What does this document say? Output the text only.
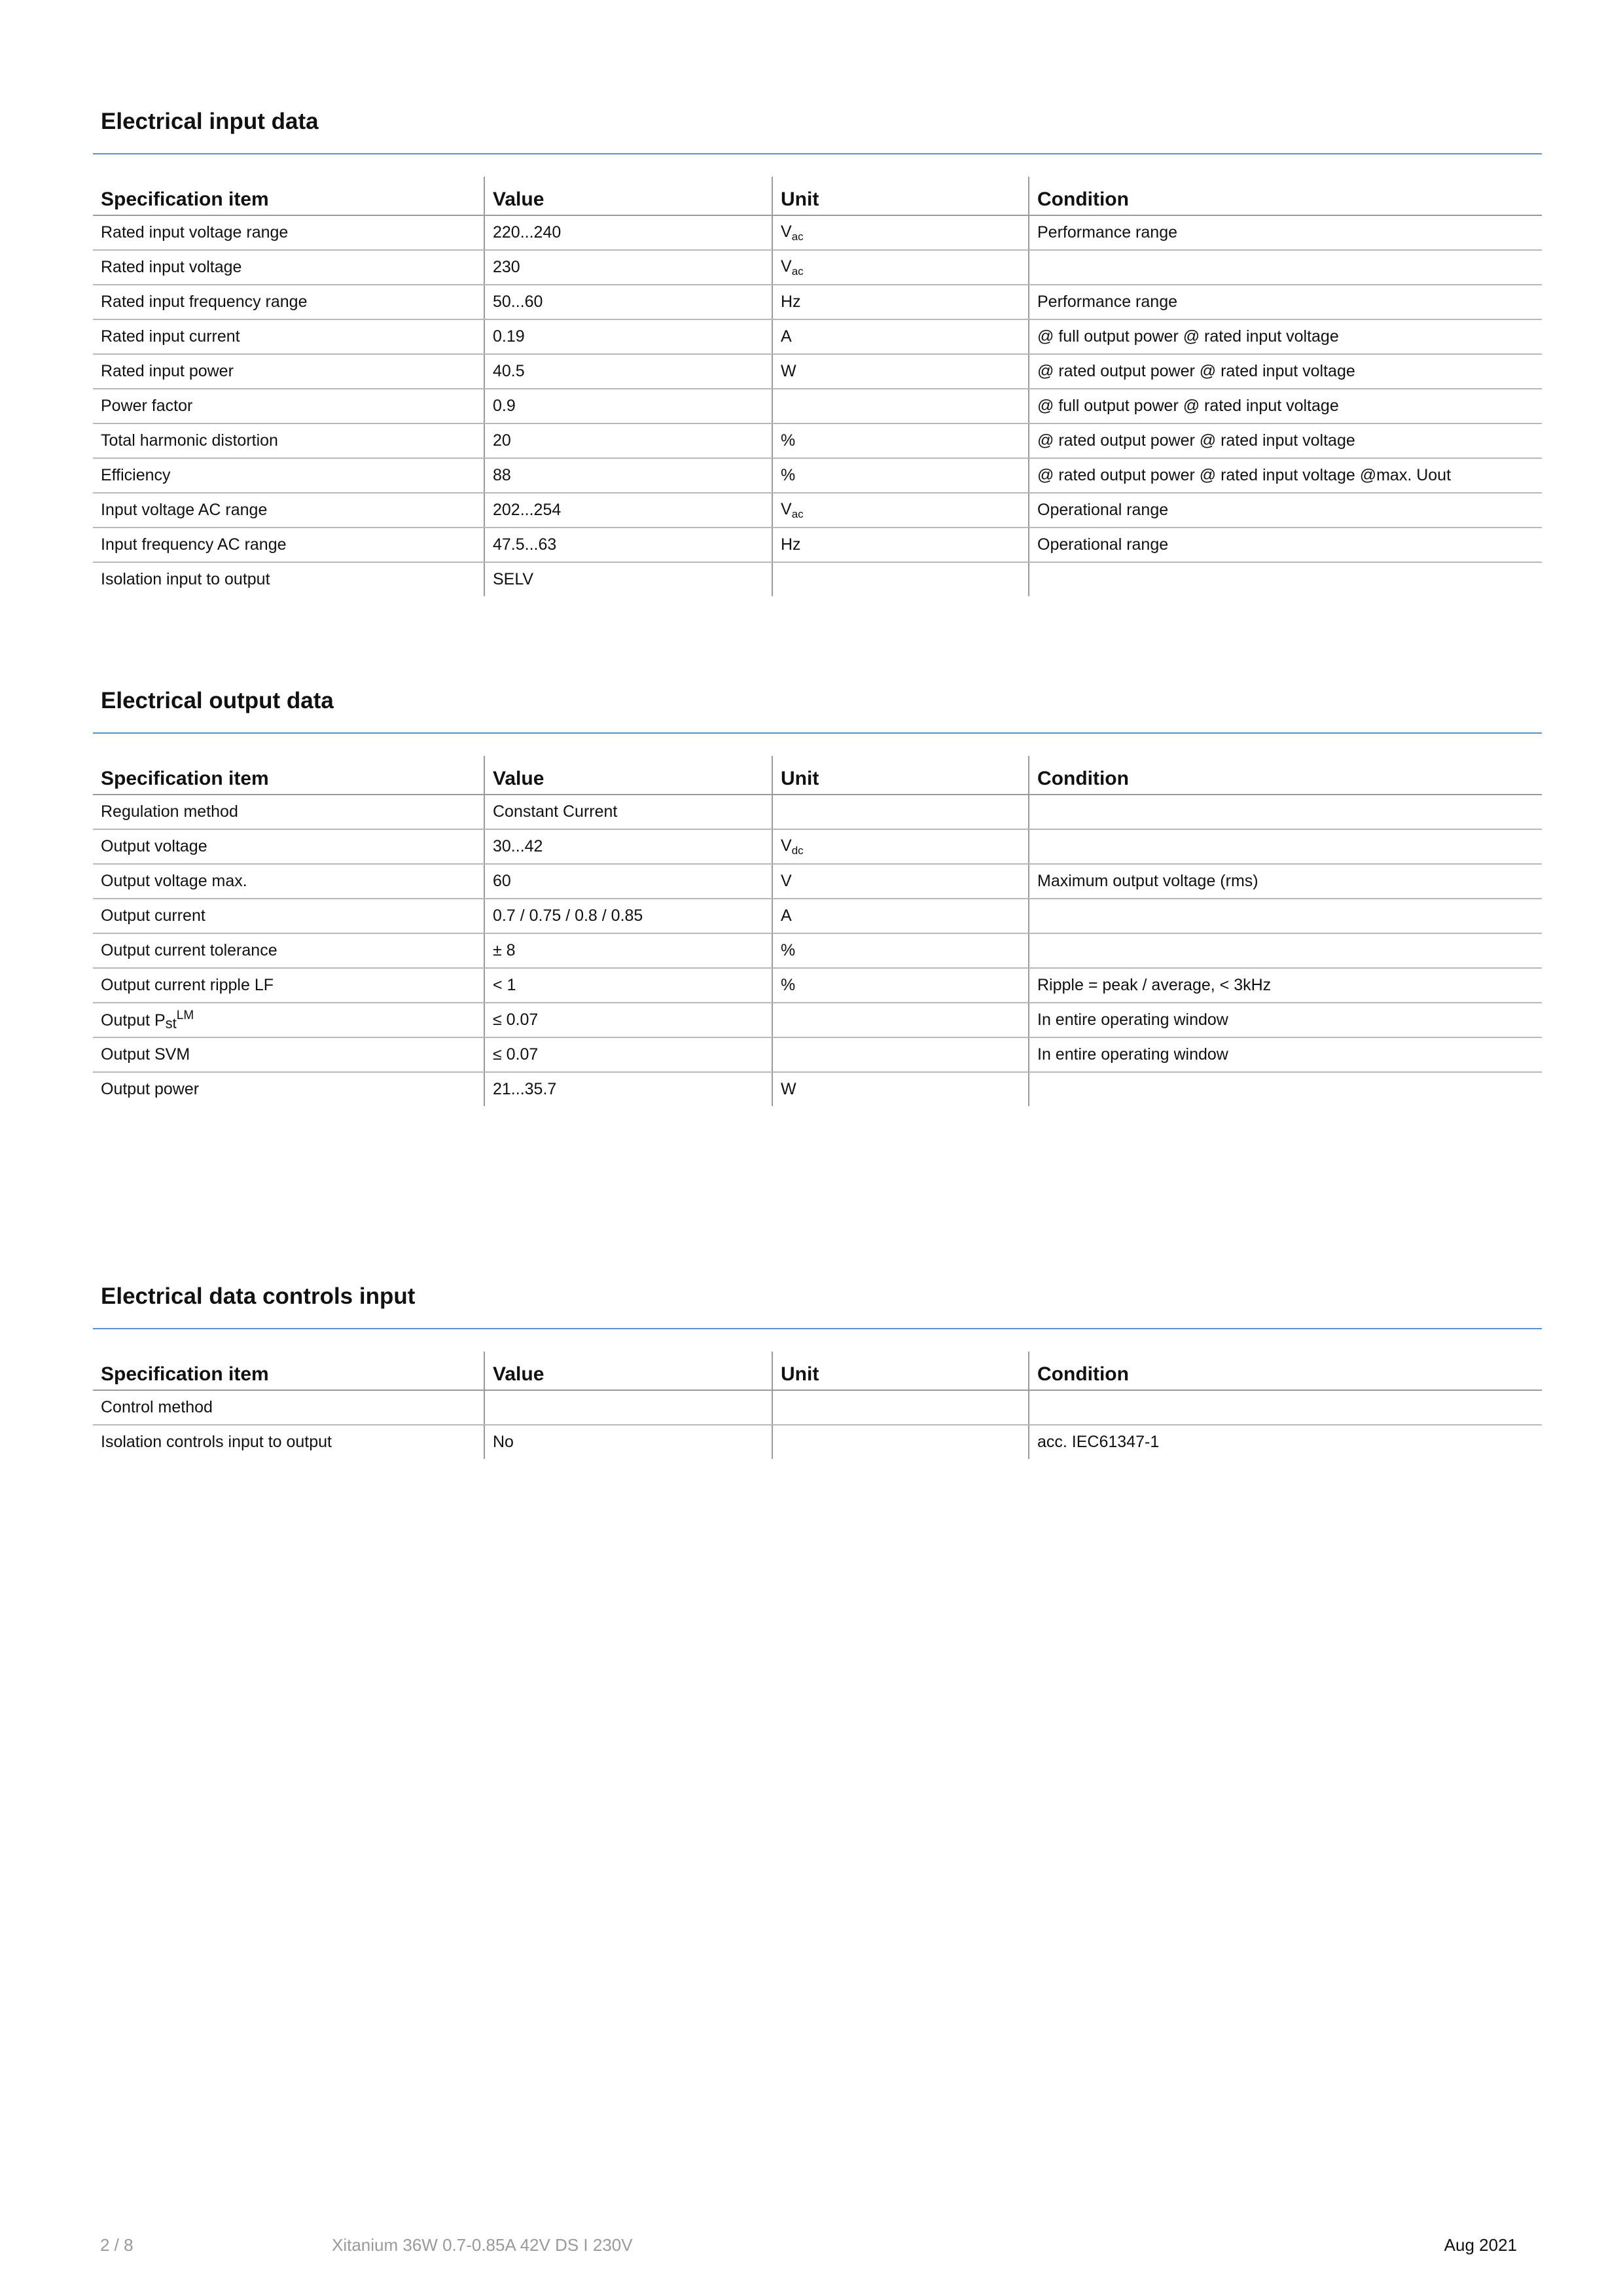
Electrical input data
Specification item	Value	Unit	Condition
Rated input voltage range	220...240	$V_{ac}$	Performance range
Rated input voltage	230	$V_{ac}$	
Rated input frequency range	50...60	Hz	Performance range
Rated input current	0.19	A	@ full output power @ rated input voltage
Rated input power	40.5	W	@ rated output power @ rated input voltage
Power factor	0.9		@ full output power @ rated input voltage
Total harmonic distortion	20	%	@ rated output power @ rated input voltage
Efficiency	88	%	@ rated output power @ rated input voltage @max. Uout
Input voltage AC range	202...254	$V_{ac}$	Operational range
Input frequency AC range	47.5...63	Hz	Operational range
Isolation input to output	SELV		
Electrical output data
Specification item	Value	Unit	Condition
Regulation method	Constant Current		
Output voltage	30...42	$V_{dc}$	
Output voltage max.	60	V	Maximum output voltage (rms)
Output current	0.7 / 0.75 / 0.8 / 0.85	A	
Output current tolerance	± 8	%	
Output current ripple LF	< 1	%	Ripple = peak / average, < 3kHz
Output Pst$^{LM}$	≤ 0.07		In entire operating window
Output SVM	≤ 0.07		In entire operating window
Output power	21...35.7	W	
Electrical data controls input
Specification item	Value	Unit	Condition
Control method			
Isolation controls input to output	No		acc. IEC61347-1
2 / 8	Xitanium 36W 0.7-0.85A 42V DS I 230V	Aug 2021
